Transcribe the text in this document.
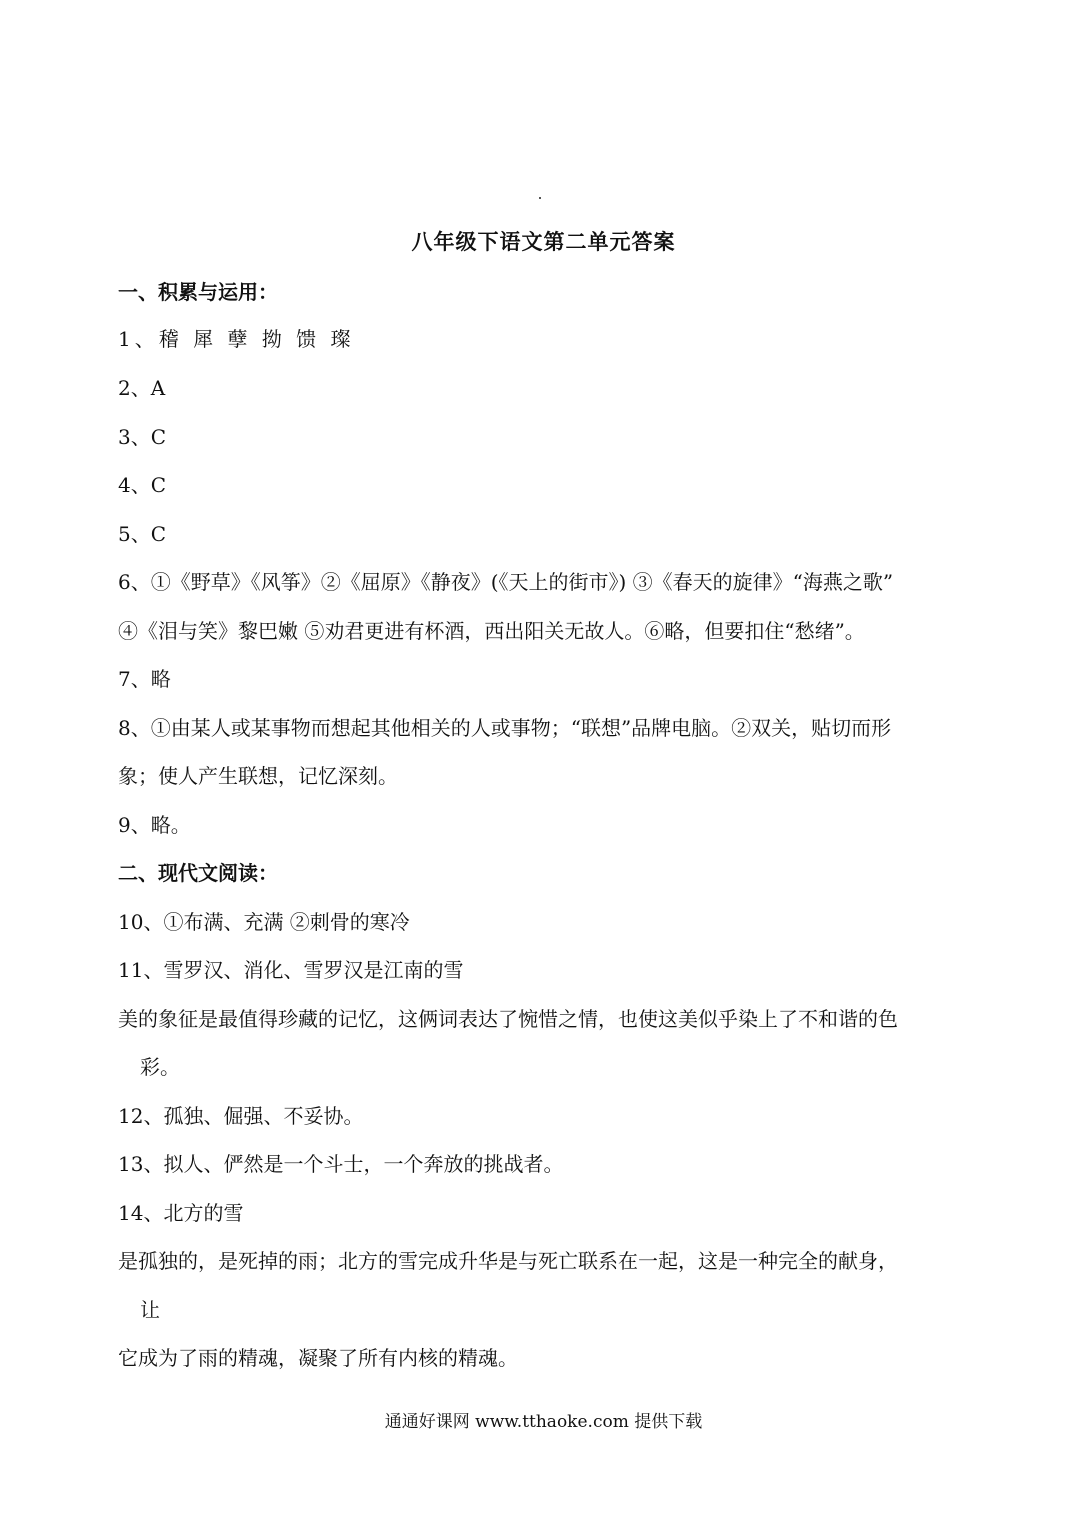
八年级下语文第二单元答案
一、积累与运用：
1、稽 犀 孽 拗 馈 璨
2、A
3、C
4、C
5、C
6、①《野草》《风筝》②《屈原》《静夜》(《天上的街市》) ③《春天的旋律》“海燕之歌”
④《泪与笑》黎巴嫩 ⑤劝君更进有杯酒，西出阳关无故人。⑥略，但要扣住“愁绪”。
7、略
8、①由某人或某事物而想起其他相关的人或事物；“联想”品牌电脑。②双关，贴切而形
象；使人产生联想，记忆深刻。
9、略。
二、现代文阅读：
10、①布满、充满 ②刺骨的寒冷
11、雪罗汉、消化、雪罗汉是江南的雪
美的象征是最值得珍藏的记忆，这俩词表达了惋惜之情，也使这美似乎染上了不和谐的色
彩。
12、孤独、倔强、不妥协。
13、拟人、俨然是一个斗士，一个奔放的挑战者。
14、北方的雪
是孤独的，是死掉的雨；北方的雪完成升华是与死亡联系在一起，这是一种完全的献身，
让
它成为了雨的精魂，凝聚了所有内核的精魂。
通通好课网 www.tthaoke.com 提供下载
